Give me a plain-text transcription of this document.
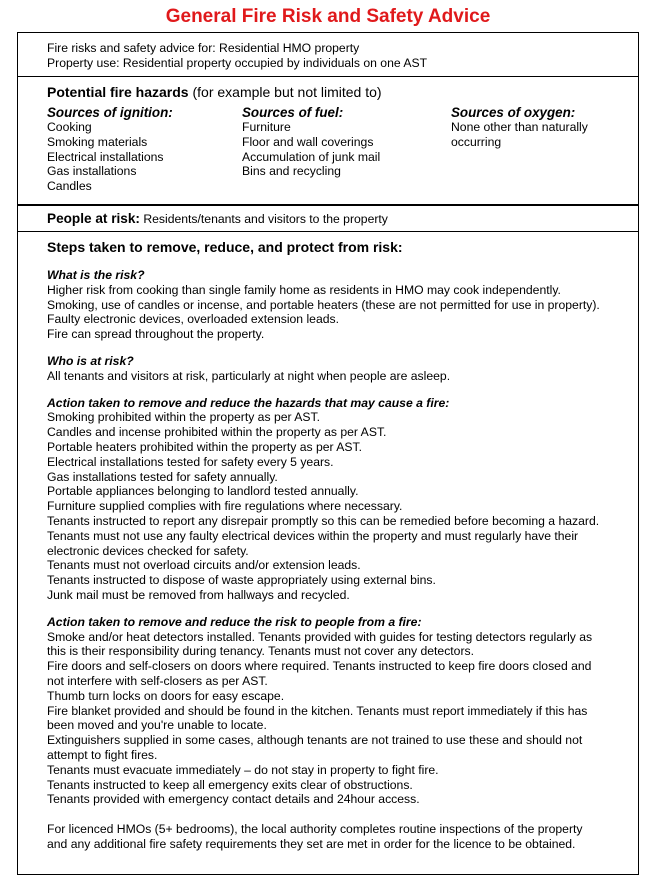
General Fire Risk and Safety Advice
Fire risks and safety advice for: Residential HMO property
Property use: Residential property occupied by individuals on one AST
Potential fire hazards (for example but not limited to)
Sources of ignition:
Cooking
Smoking materials
Electrical installations
Gas installations
Candles
Sources of fuel:
Furniture
Floor and wall coverings
Accumulation of junk mail
Bins and recycling
Sources of oxygen:
None other than naturally
occurring
People at risk: Residents/tenants and visitors to the property
Steps taken to remove, reduce, and protect from risk:
What is the risk?
Higher risk from cooking than single family home as residents in HMO may cook independently.
Smoking, use of candles or incense, and portable heaters (these are not permitted for use in property).
Faulty electronic devices, overloaded extension leads.
Fire can spread throughout the property.
Who is at risk?
All tenants and visitors at risk, particularly at night when people are asleep.
Action taken to remove and reduce the hazards that may cause a fire:
Smoking prohibited within the property as per AST.
Candles and incense prohibited within the property as per AST.
Portable heaters prohibited within the property as per AST.
Electrical installations tested for safety every 5 years.
Gas installations tested for safety annually.
Portable appliances belonging to landlord tested annually.
Furniture supplied complies with fire regulations where necessary.
Tenants instructed to report any disrepair promptly so this can be remedied before becoming a hazard.
Tenants must not use any faulty electrical devices within the property and must regularly have their
electronic devices checked for safety.
Tenants must not overload circuits and/or extension leads.
Tenants instructed to dispose of waste appropriately using external bins.
Junk mail must be removed from hallways and recycled.
Action taken to remove and reduce the risk to people from a fire:
Smoke and/or heat detectors installed. Tenants provided with guides for testing detectors regularly as
this is their responsibility during tenancy. Tenants must not cover any detectors.
Fire doors and self-closers on doors where required. Tenants instructed to keep fire doors closed and
not interfere with self-closers as per AST.
Thumb turn locks on doors for easy escape.
Fire blanket provided and should be found in the kitchen. Tenants must report immediately if this has
been moved and you're unable to locate.
Extinguishers supplied in some cases, although tenants are not trained to use these and should not
attempt to fight fires.
Tenants must evacuate immediately – do not stay in property to fight fire.
Tenants instructed to keep all emergency exits clear of obstructions.
Tenants provided with emergency contact details and 24hour access.
For licenced HMOs (5+ bedrooms), the local authority completes routine inspections of the property
and any additional fire safety requirements they set are met in order for the licence to be obtained.
